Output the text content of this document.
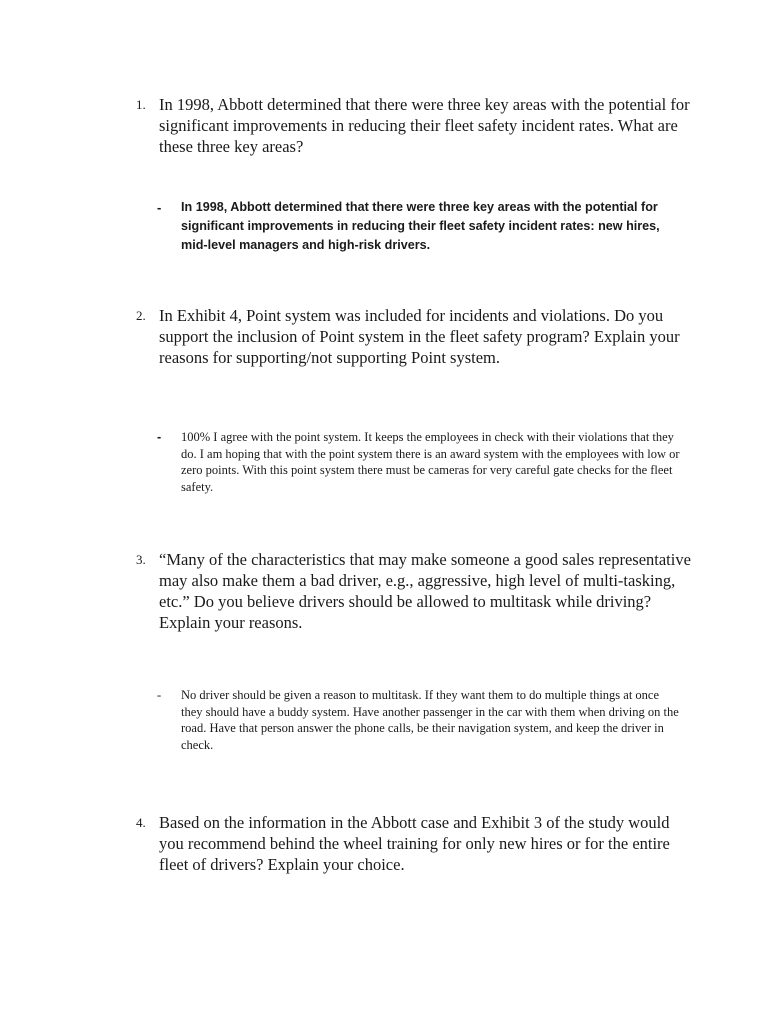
1. In 1998, Abbott determined that there were three key areas with the potential for significant improvements in reducing their fleet safety incident rates. What are these three key areas?
-	In 1998, Abbott determined that there were three key areas with the potential for significant improvements in reducing their fleet safety incident rates: new hires, mid-level managers and high-risk drivers.
2. In Exhibit 4, Point system was included for incidents and violations. Do you support the inclusion of Point system in the fleet safety program? Explain your reasons for supporting/not supporting Point system.
-	100% I agree with the point system. It keeps the employees in check with their violations that they do. I am hoping that with the point system there is an award system with the employees with low or zero points. With this point system there must be cameras for very careful gate checks for the fleet safety.
3. “Many of the characteristics that may make someone a good sales representative may also make them a bad driver, e.g., aggressive, high level of multi-tasking, etc.” Do you believe drivers should be allowed to multitask while driving? Explain your reasons.
-	No driver should be given a reason to multitask. If they want them to do multiple things at once they should have a buddy system. Have another passenger in the car with them when driving on the road. Have that person answer the phone calls, be their navigation system, and keep the driver in check.
4. Based on the information in the Abbott case and Exhibit 3 of the study would you recommend behind the wheel training for only new hires or for the entire fleet of drivers? Explain your choice.
